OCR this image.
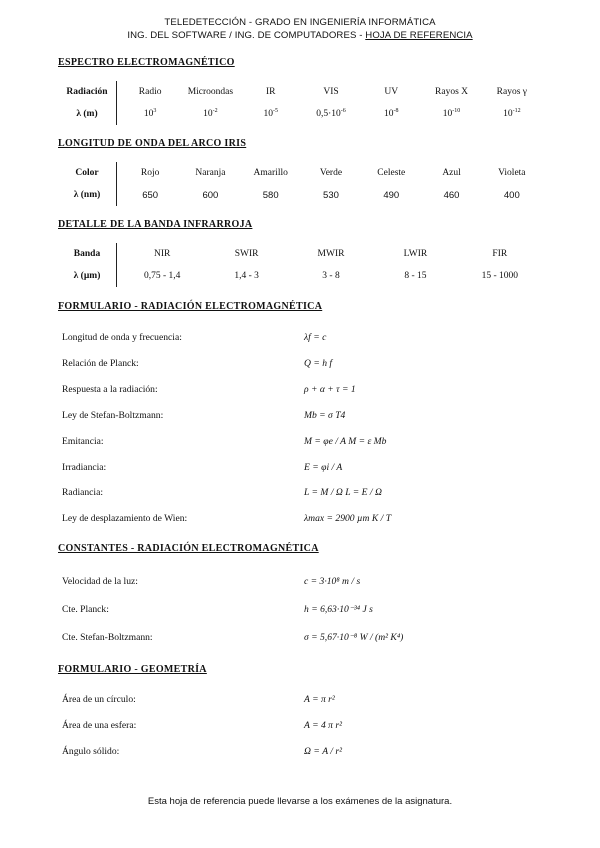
TELEDETECCIÓN - GRADO EN INGENIERÍA INFORMÁTICA
ING. DEL SOFTWARE / ING. DE COMPUTADORES - HOJA DE REFERENCIA
ESPECTRO ELECTROMAGNÉTICO
Radiación	Radio	Microondas	IR	VIS	UV	Rayos X	Rayos γ
λ (m)	$10^3$	$10^{-2}$	$10^{-5}$	$0,5\cdot 10^{-6}$	$10^{-8}$	$10^{-10}$	$10^{-12}$
LONGITUD DE ONDA DEL ARCO IRIS
Color	Rojo	Naranja	Amarillo	Verde	Celeste	Azul	Violeta
λ (nm)	650	600	580	530	490	460	400
DETALLE DE LA BANDA INFRARROJA
Banda	NIR	SWIR	MWIR	LWIR	FIR
λ (µm)	0,75 - 1,4	1,4 - 3	3 - 8	8 - 15	15 - 1000
FORMULARIO - RADIACIÓN ELECTROMAGNÉTICA
Longitud de onda y frecuencia:	λf = c
Relación de Planck:	Q = h f
Respuesta a la radiación:	ρ + α + τ = 1
Ley de Stefan-Boltzmann:	Mb = σ T4
Emitancia:	M = φe / A M = ε Mb
Irradiancia:	E = φi / A
Radiancia:	L = M / Ω L = E / Ω
Ley de desplazamiento de Wien:	λmax = 2900 µm K / T
CONSTANTES - RADIACIÓN ELECTROMAGNÉTICA
Velocidad de la luz:	c = 3·10⁸ m / s
Cte. Planck:	h = 6,63·10⁻³⁴ J s
Cte. Stefan-Boltzmann:	σ = 5,67·10⁻⁸ W / (m² K⁴)
FORMULARIO - GEOMETRÍA
Área de un círculo:	A = π r²
Área de una esfera:	A = 4 π r²
Ángulo sólido:	Ω = A / r²
Esta hoja de referencia puede llevarse a los exámenes de la asignatura.
